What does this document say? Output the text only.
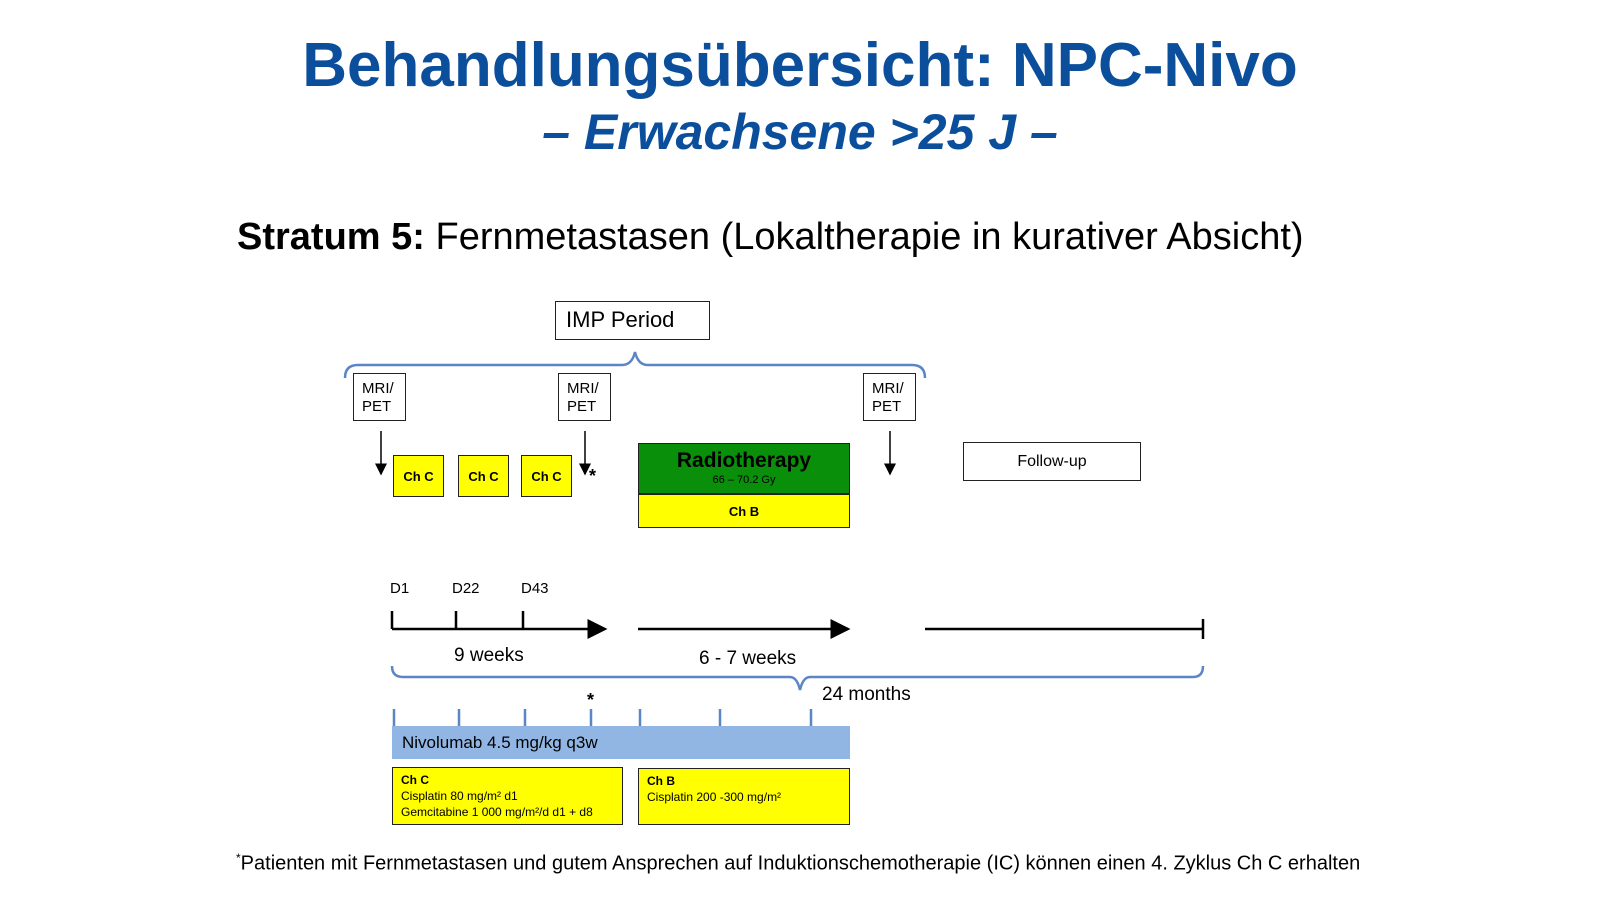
Behandlungsübersicht: NPC-Nivo
– Erwachsene >25 J –
Stratum 5: Fernmetastasen (Lokaltherapie in kurativer Absicht)
IMP Period
MRI/
PET
MRI/
PET
MRI/
PET
Ch C	Ch C	Ch C	*
Radiotherapy
66 – 70.2 Gy
Ch B
Follow-up
D1	D22	D43
9 weeks	6 - 7 weeks
24 months
*
Nivolumab 4.5 mg/kg q3w
Ch C
Cisplatin 80 mg/m² d1
Gemcitabine 1 000 mg/m²/d d1 + d8
Ch B
Cisplatin 200 -300 mg/m²
*Patienten mit Fernmetastasen und gutem Ansprechen auf Induktionschemotherapie (IC) können einen 4. Zyklus Ch C erhalten
